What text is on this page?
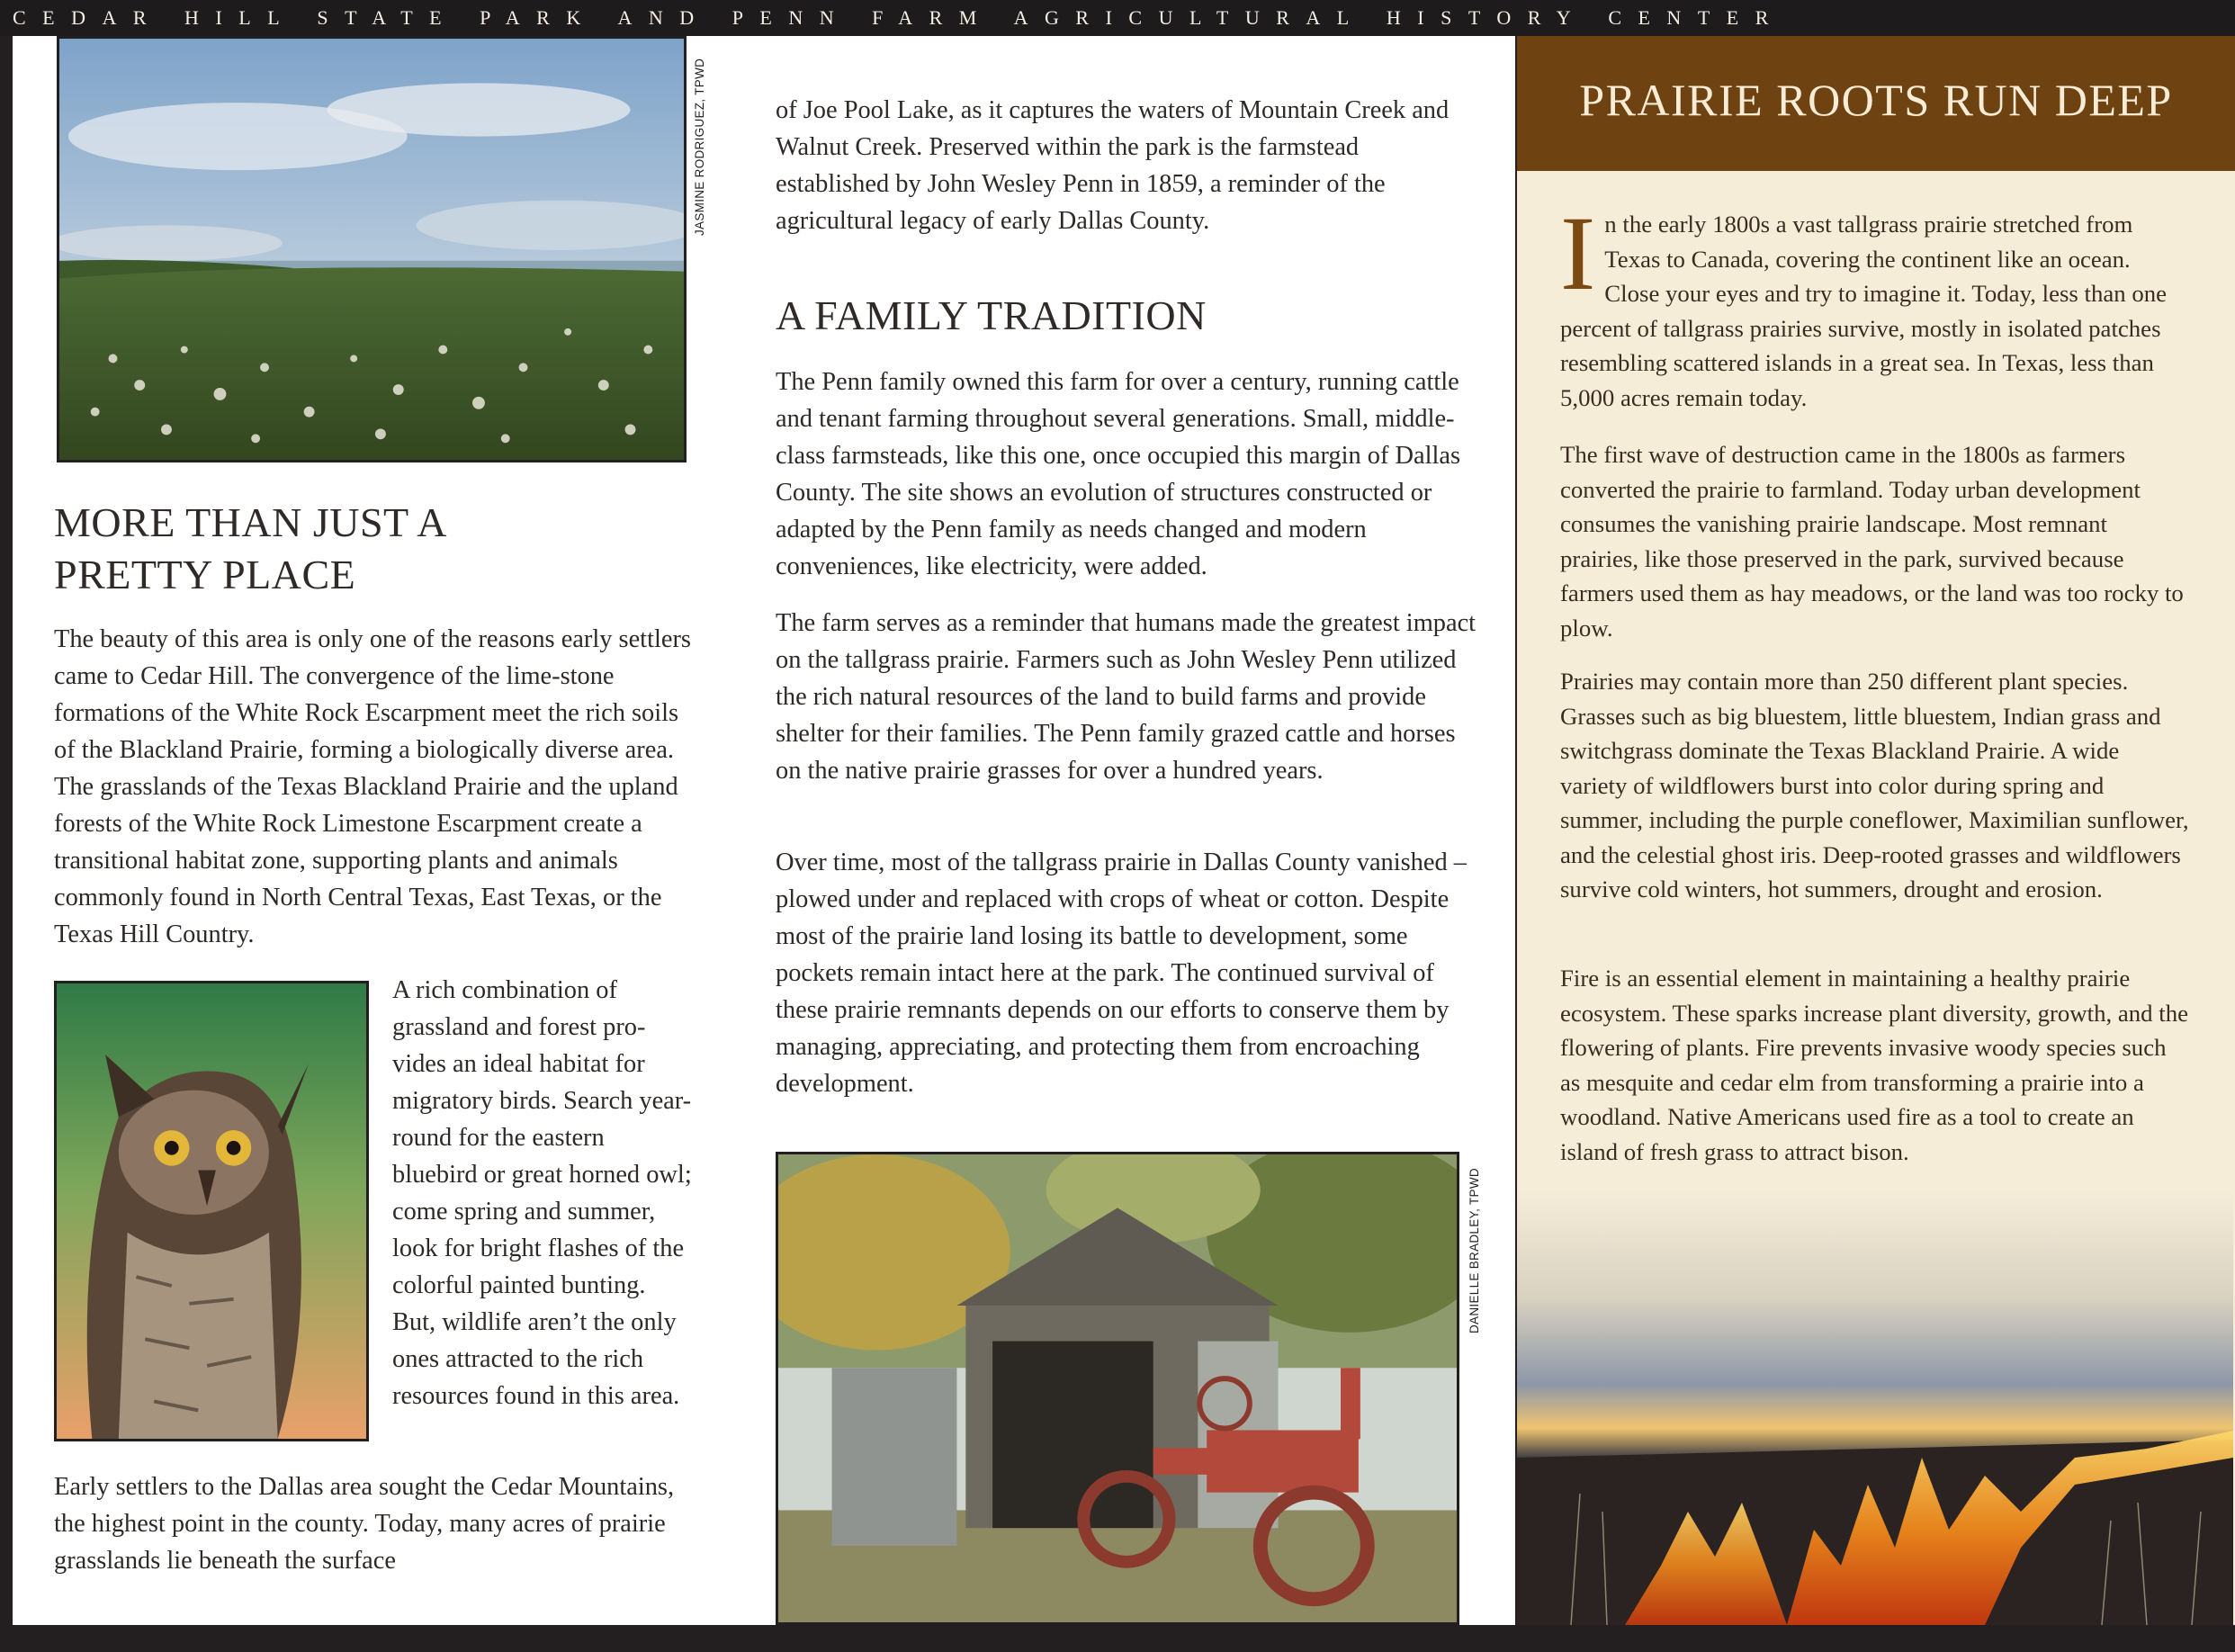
CEDAR HILL STATE PARK AND PENN FARM AGRICULTURAL HISTORY CENTER
PRAIRIE ROOTS RUN DEEP
JASMINE RODRIGUEZ, TPWD
MORE THAN JUST A PRETTY PLACE

The beauty of this area is only one of the reasons early settlers came to Cedar Hill. The convergence of the lime-stone formations of the White Rock Escarpment meet the rich soils of the Blackland Prairie, forming a biologically diverse area. The grasslands of the Texas Blackland Prairie and the upland forests of the White Rock Limestone Escarpment create a transitional habitat zone, supporting plants and animals commonly found in North Central Texas, East Texas, or the Texas Hill Country.

A rich combination of grassland and forest pro-vides an ideal habitat for migratory birds. Search year-round for the eastern bluebird or great horned owl; come spring and summer, look for bright flashes of the colorful painted bunting. But, wildlife aren’t the only ones attracted to the rich resources found in this area.

Early settlers to the Dallas area sought the Cedar Mountains, the highest point in the county. Today, many acres of prairie grasslands lie beneath the surface

of Joe Pool Lake, as it captures the waters of Mountain Creek and Walnut Creek. Preserved within the park is the farmstead established by John Wesley Penn in 1859, a reminder of the agricultural legacy of early Dallas County.

A FAMILY TRADITION

The Penn family owned this farm for over a century, running cattle and tenant farming throughout several generations. Small, middle-class farmsteads, like this one, once occupied this margin of Dallas County. The site shows an evolution of structures constructed or adapted by the Penn family as needs changed and modern conveniences, like electricity, were added.

The farm serves as a reminder that humans made the greatest impact on the tallgrass prairie. Farmers such as John Wesley Penn utilized the rich natural resources of the land to build farms and provide shelter for their families. The Penn family grazed cattle and horses on the native prairie grasses for over a hundred years.

Over time, most of the tallgrass prairie in Dallas County vanished – plowed under and replaced with crops of wheat or cotton. Despite most of the prairie land losing its battle to development, some pockets remain intact here at the park. The continued survival of these prairie remnants depends on our efforts to conserve them by managing, appreciating, and protecting them from encroaching development.

DANIELLE BRADLEY, TPWD

In the early 1800s a vast tallgrass prairie stretched from Texas to Canada, covering the continent like an ocean. Close your eyes and try to imagine it. Today, less than one percent of tallgrass prairies survive, mostly in isolated patches resembling scattered islands in a great sea. In Texas, less than 5,000 acres remain today.

The first wave of destruction came in the 1800s as farmers converted the prairie to farmland. Today urban development consumes the vanishing prairie landscape. Most remnant prairies, like those preserved in the park, survived because farmers used them as hay meadows, or the land was too rocky to plow.

Prairies may contain more than 250 different plant species. Grasses such as big bluestem, little bluestem, Indian grass and switchgrass dominate the Texas Blackland Prairie. A wide variety of wildflowers burst into color during spring and summer, including the purple coneflower, Maximilian sunflower, and the celestial ghost iris. Deep-rooted grasses and wildflowers survive cold winters, hot summers, drought and erosion.

Fire is an essential element in maintaining a healthy prairie ecosystem. These sparks increase plant diversity, growth, and the flowering of plants. Fire prevents invasive woody species such as mesquite and cedar elm from transforming a prairie into a woodland. Native Americans used fire as a tool to create an island of fresh grass to attract bison.
